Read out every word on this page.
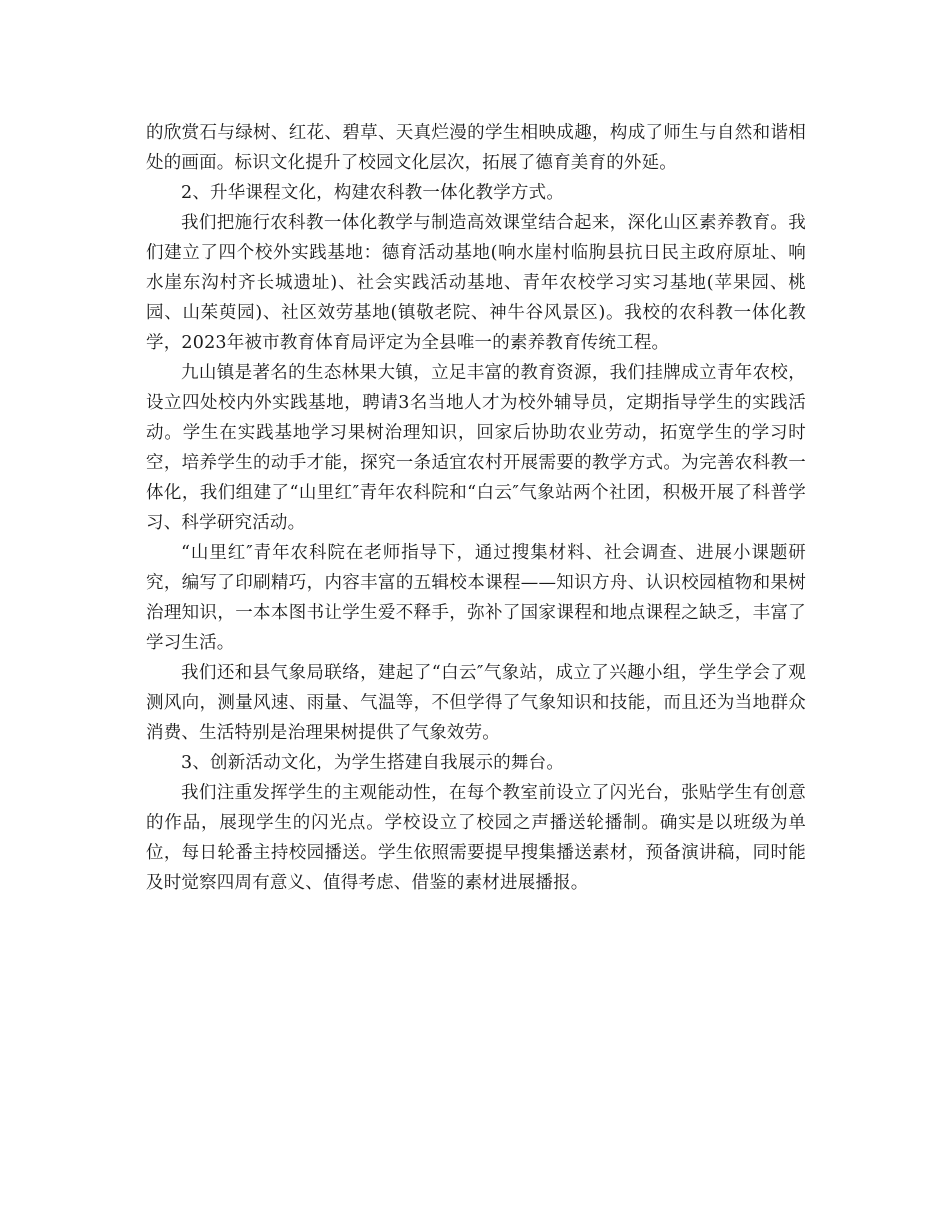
的欣赏石与绿树、红花、碧草、天真烂漫的学生相映成趣，构成了师生与自然和谐相处的画面。标识文化提升了校园文化层次，拓展了德育美育的外延。

2、升华课程文化，构建农科教一体化教学方式。

我们把施行农科教一体化教学与制造高效课堂结合起来，深化山区素养教育。我们建立了四个校外实践基地：德育活动基地(响水崖村临朐县抗日民主政府原址、响水崖东沟村齐长城遗址)、社会实践活动基地、青年农校学习实习基地(苹果园、桃园、山茱萸园)、社区效劳基地(镇敬老院、神牛谷风景区)。我校的农科教一体化教学，2023年被市教育体育局评定为全县唯一的素养教育传统工程。

九山镇是著名的生态林果大镇，立足丰富的教育资源，我们挂牌成立青年农校，设立四处校内外实践基地，聘请3名当地人才为校外辅导员，定期指导学生的实践活动。学生在实践基地学习果树治理知识，回家后协助农业劳动，拓宽学生的学习时空，培养学生的动手才能，探究一条适宜农村开展需要的教学方式。为完善农科教一体化，我们组建了“山里红″青年农科院和“白云″气象站两个社团，积极开展了科普学习、科学研究活动。

“山里红″青年农科院在老师指导下，通过搜集材料、社会调查、进展小课题研究，编写了印刷精巧，内容丰富的五辑校本课程——知识方舟、认识校园植物和果树治理知识，一本本图书让学生爱不释手，弥补了国家课程和地点课程之缺乏，丰富了学习生活。

我们还和县气象局联络，建起了“白云″气象站，成立了兴趣小组，学生学会了观测风向，测量风速、雨量、气温等，不但学得了气象知识和技能，而且还为当地群众消费、生活特别是治理果树提供了气象效劳。

3、创新活动文化，为学生搭建自我展示的舞台。

我们注重发挥学生的主观能动性，在每个教室前设立了闪光台，张贴学生有创意的作品，展现学生的闪光点。学校设立了校园之声播送轮播制。确实是以班级为单位，每日轮番主持校园播送。学生依照需要提早搜集播送素材，预备演讲稿，同时能及时觉察四周有意义、值得考虑、借鉴的素材进展播报。
